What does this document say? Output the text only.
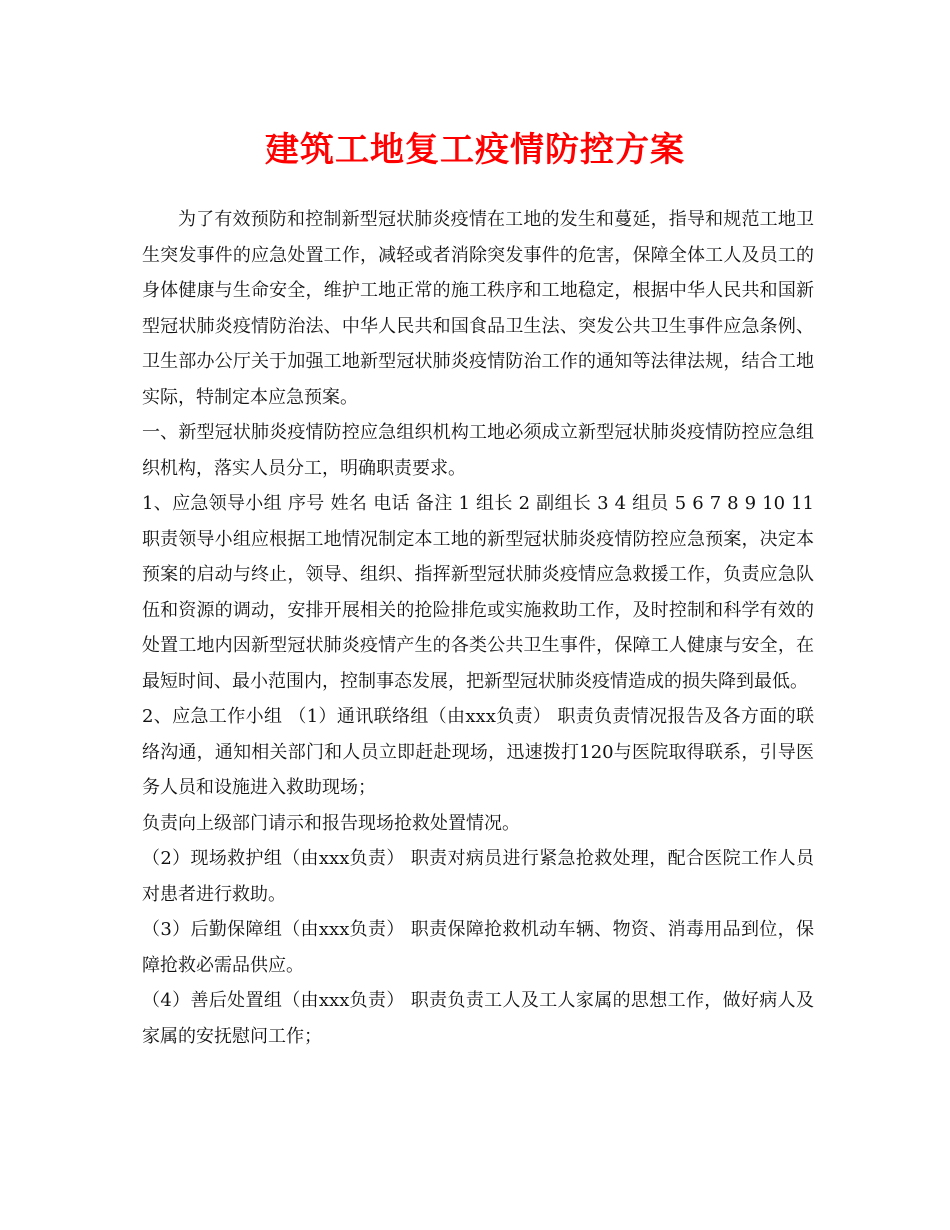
建筑工地复工疫情防控方案

为了有效预防和控制新型冠状肺炎疫情在工地的发生和蔓延，指导和规范工地卫生突发事件的应急处置工作，减轻或者消除突发事件的危害，保障全体工人及员工的身体健康与生命安全，维护工地正常的施工秩序和工地稳定，根据中华人民共和国新型冠状肺炎疫情防治法、中华人民共和国食品卫生法、突发公共卫生事件应急条例、卫生部办公厅关于加强工地新型冠状肺炎疫情防治工作的通知等法律法规，结合工地实际，特制定本应急预案。

一、新型冠状肺炎疫情防控应急组织机构工地必须成立新型冠状肺炎疫情防控应急组织机构，落实人员分工，明确职责要求。

1、应急领导小组 序号 姓名 电话 备注 1 组长 2 副组长 3 4 组员 5 6 7 8 9 10 11 职责领导小组应根据工地情况制定本工地的新型冠状肺炎疫情防控应急预案，决定本预案的启动与终止，领导、组织、指挥新型冠状肺炎疫情应急救援工作，负责应急队伍和资源的调动，安排开展相关的抢险排危或实施救助工作，及时控制和科学有效的处置工地内因新型冠状肺炎疫情产生的各类公共卫生事件，保障工人健康与安全，在最短时间、最小范围内，控制事态发展，把新型冠状肺炎疫情造成的损失降到最低。

2、应急工作小组 （1）通讯联络组（由xxx负责） 职责负责情况报告及各方面的联络沟通，通知相关部门和人员立即赶赴现场，迅速拨打120与医院取得联系，引导医务人员和设施进入救助现场；

负责向上级部门请示和报告现场抢救处置情况。

（2）现场救护组（由xxx负责） 职责对病员进行紧急抢救处理，配合医院工作人员对患者进行救助。

（3）后勤保障组（由xxx负责） 职责保障抢救机动车辆、物资、消毒用品到位，保障抢救必需品供应。

（4）善后处置组（由xxx负责） 职责负责工人及工人家属的思想工作，做好病人及家属的安抚慰问工作；
